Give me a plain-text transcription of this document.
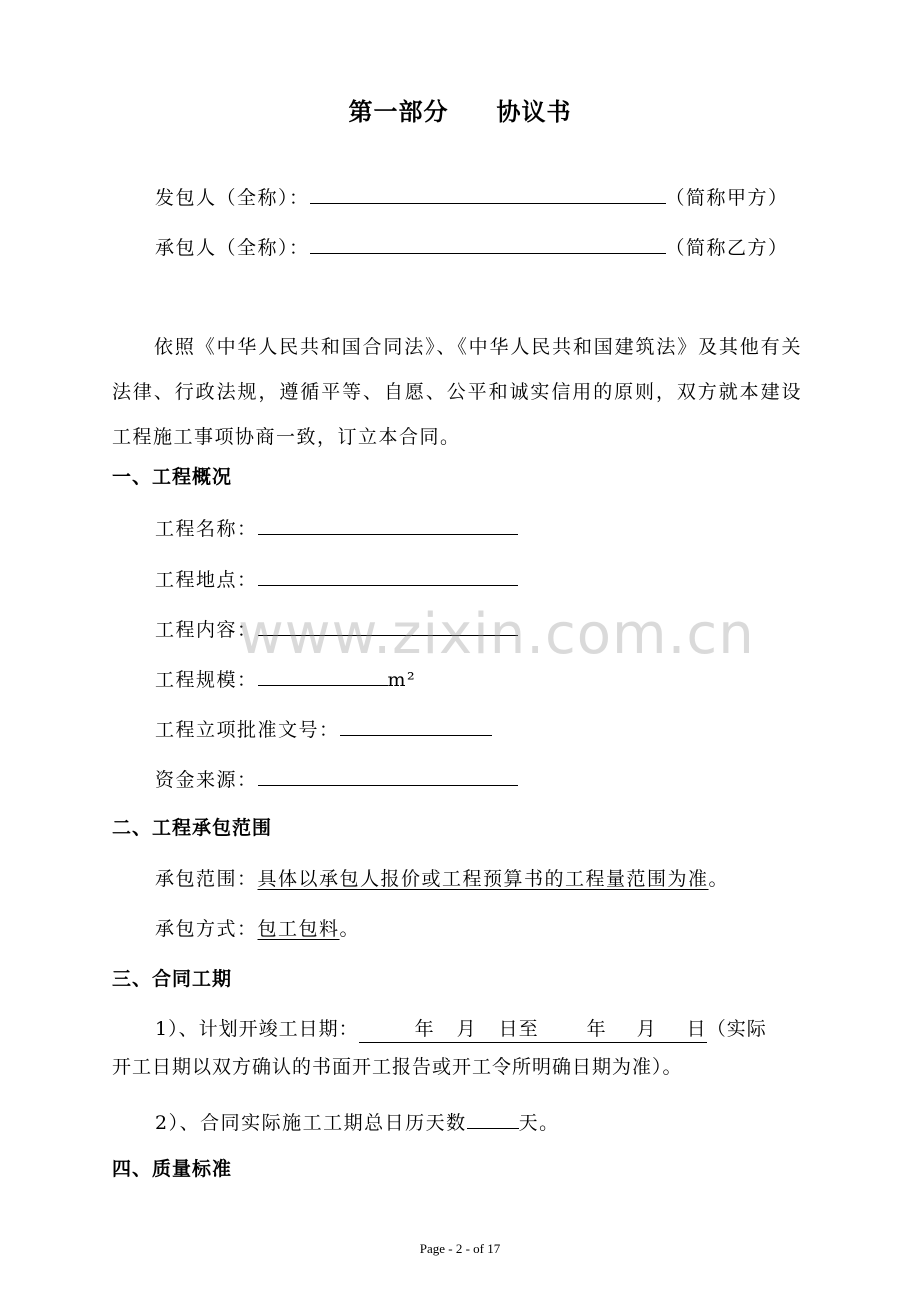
第一部分 协议书
发包人（全称）：	（简称甲方）
承包人（全称）：	（简称乙方）
依照《中华人民共和国合同法》、《中华人民共和国建筑法》及其他有关法律、行政法规，遵循平等、自愿、公平和诚实信用的原则，双方就本建设工程施工事项协商一致，订立本合同。
一、工程概况
工程名称：
工程地点：
工程内容：
工程规模：	m²
工程立项批准文号：
资金来源：
二、工程承包范围
承包范围：具体以承包人报价或工程预算书的工程量范围为准。
承包方式：包工包料。
三、合同工期
1）、计划开竣工日期：	年 月 日至	年 月 日（实际
开工日期以双方确认的书面开工报告或开工令所明确日期为准）。
2）、合同实际施工工期总日历天数	天。
四、质量标准
www.zixin.com.cn
Page - 2 - of 17
